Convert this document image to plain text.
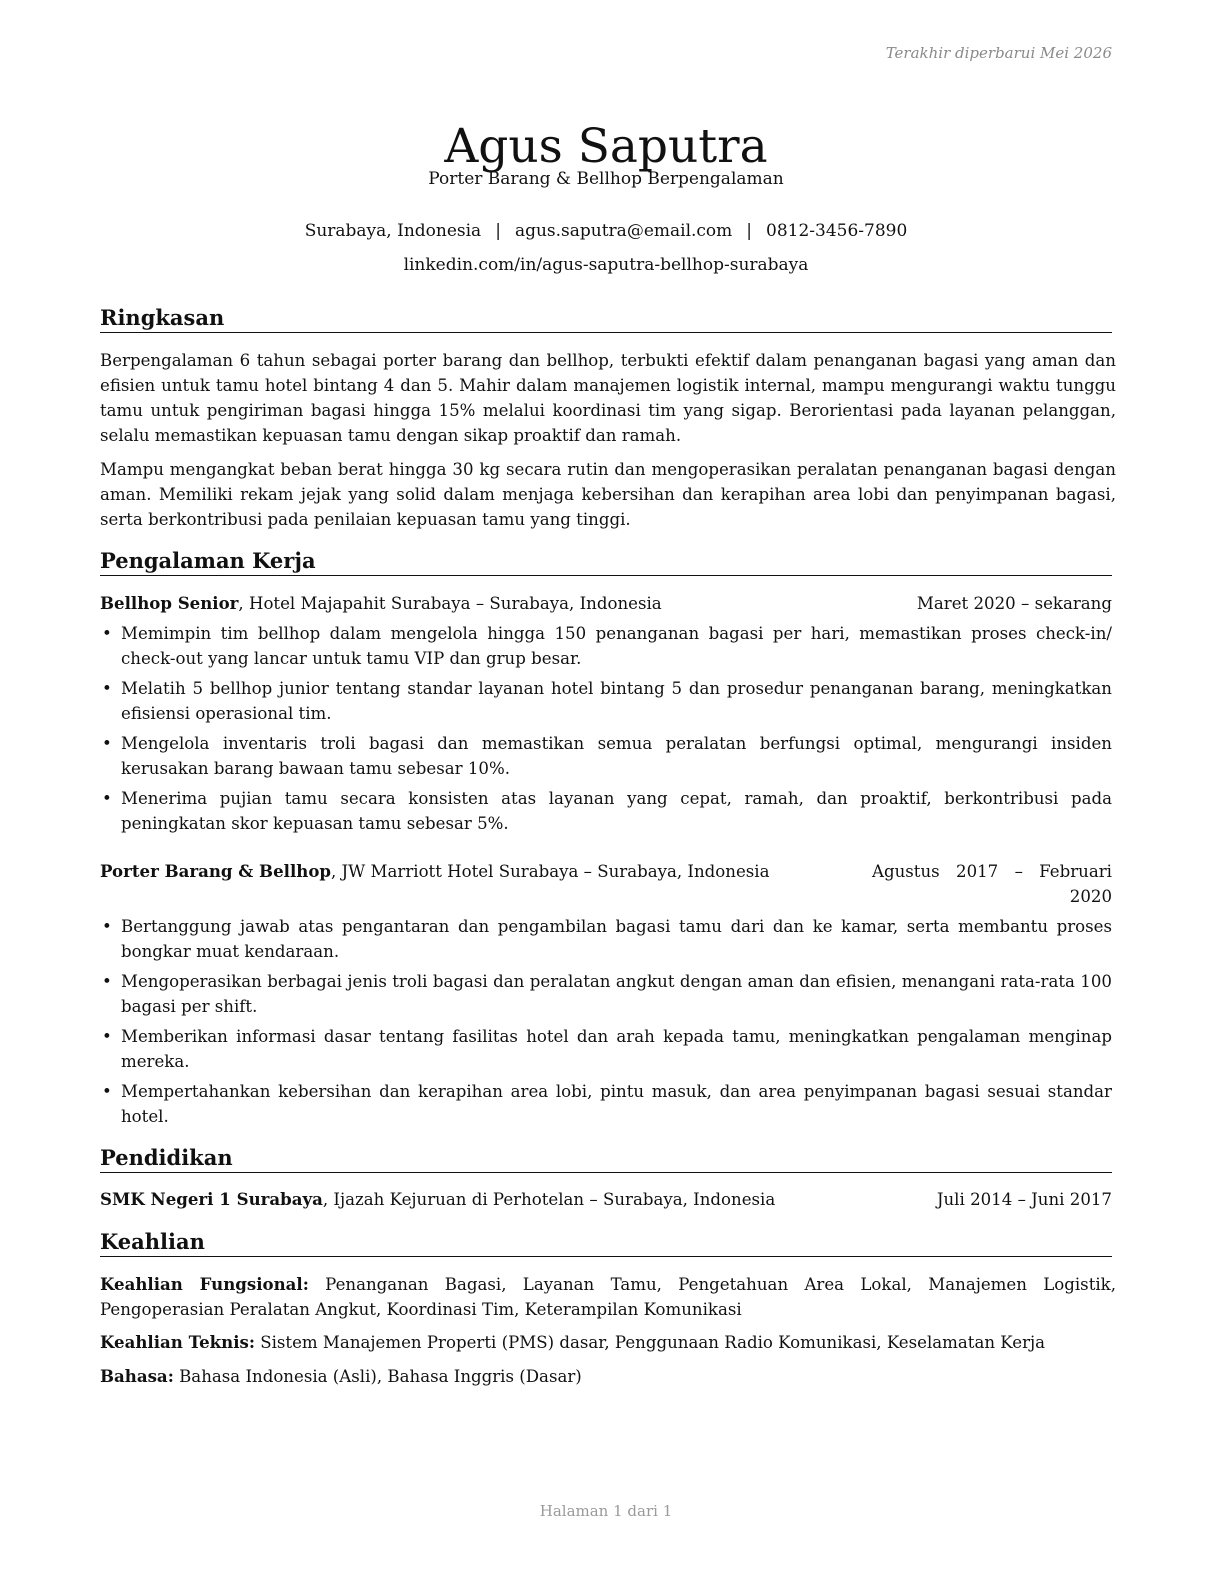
Terakhir diperbarui Mei 2026
Agus Saputra
Porter Barang & Bellhop Berpengalaman
Surabaya, Indonesia | agus.saputra@email.com | 0812-3456-7890
linkedin.com/in/agus-saputra-bellhop-surabaya
Ringkasan

Berpengalaman 6 tahun sebagai porter barang dan bellhop, terbukti efektif dalam penanganan bagasi yang aman dan efisien untuk tamu hotel bintang 4 dan 5. Mahir dalam manajemen logistik internal, mampu mengurangi waktu tunggu tamu untuk pengiriman bagasi hingga 15% melalui koordinasi tim yang sigap. Berorientasi pada layanan pelanggan, selalu memastikan kepuasan tamu dengan sikap proaktif dan ramah.

Mampu mengangkat beban berat hingga 30 kg secara rutin dan mengoperasikan peralatan penanganan bagasi dengan aman. Memiliki rekam jejak yang solid dalam menjaga kebersihan dan kerapihan area lobi dan penyimpanan bagasi, serta berkontribusi pada penilaian kepuasan tamu yang tinggi.

Pengalaman Kerja
Bellhop Senior, Hotel Majapahit Surabaya – Surabaya, Indonesia	Maret 2020 – sekarang
• Memimpin tim bellhop dalam mengelola hingga 150 penanganan bagasi per hari, memastikan proses check-in/ check-out yang lancar untuk tamu VIP dan grup besar.
• Melatih 5 bellhop junior tentang standar layanan hotel bintang 5 dan prosedur penanganan barang, meningkatkan efisiensi operasional tim.
• Mengelola inventaris troli bagasi dan memastikan semua peralatan berfungsi optimal, mengurangi insiden kerusakan barang bawaan tamu sebesar 10%.
• Menerima pujian tamu secara konsisten atas layanan yang cepat, ramah, dan proaktif, berkontribusi pada peningkatan skor kepuasan tamu sebesar 5%.
Porter Barang & Bellhop, JW Marriott Hotel Surabaya – Surabaya, Indonesia	Agustus 2017 – Februari 2020
• Bertanggung jawab atas pengantaran dan pengambilan bagasi tamu dari dan ke kamar, serta membantu proses bongkar muat kendaraan.
• Mengoperasikan berbagai jenis troli bagasi dan peralatan angkut dengan aman dan efisien, menangani rata-rata 100 bagasi per shift.
• Memberikan informasi dasar tentang fasilitas hotel dan arah kepada tamu, meningkatkan pengalaman menginap mereka.
• Mempertahankan kebersihan dan kerapihan area lobi, pintu masuk, dan area penyimpanan bagasi sesuai standar hotel.
Pendidikan
SMK Negeri 1 Surabaya, Ijazah Kejuruan di Perhotelan – Surabaya, Indonesia	Juli 2014 – Juni 2017
Keahlian

Keahlian Fungsional: Penanganan Bagasi, Layanan Tamu, Pengetahuan Area Lokal, Manajemen Logistik, Pengoperasian Peralatan Angkut, Koordinasi Tim, Keterampilan Komunikasi

Keahlian Teknis: Sistem Manajemen Properti (PMS) dasar, Penggunaan Radio Komunikasi, Keselamatan Kerja

Bahasa: Bahasa Indonesia (Asli), Bahasa Inggris (Dasar)

Halaman 1 dari 1
